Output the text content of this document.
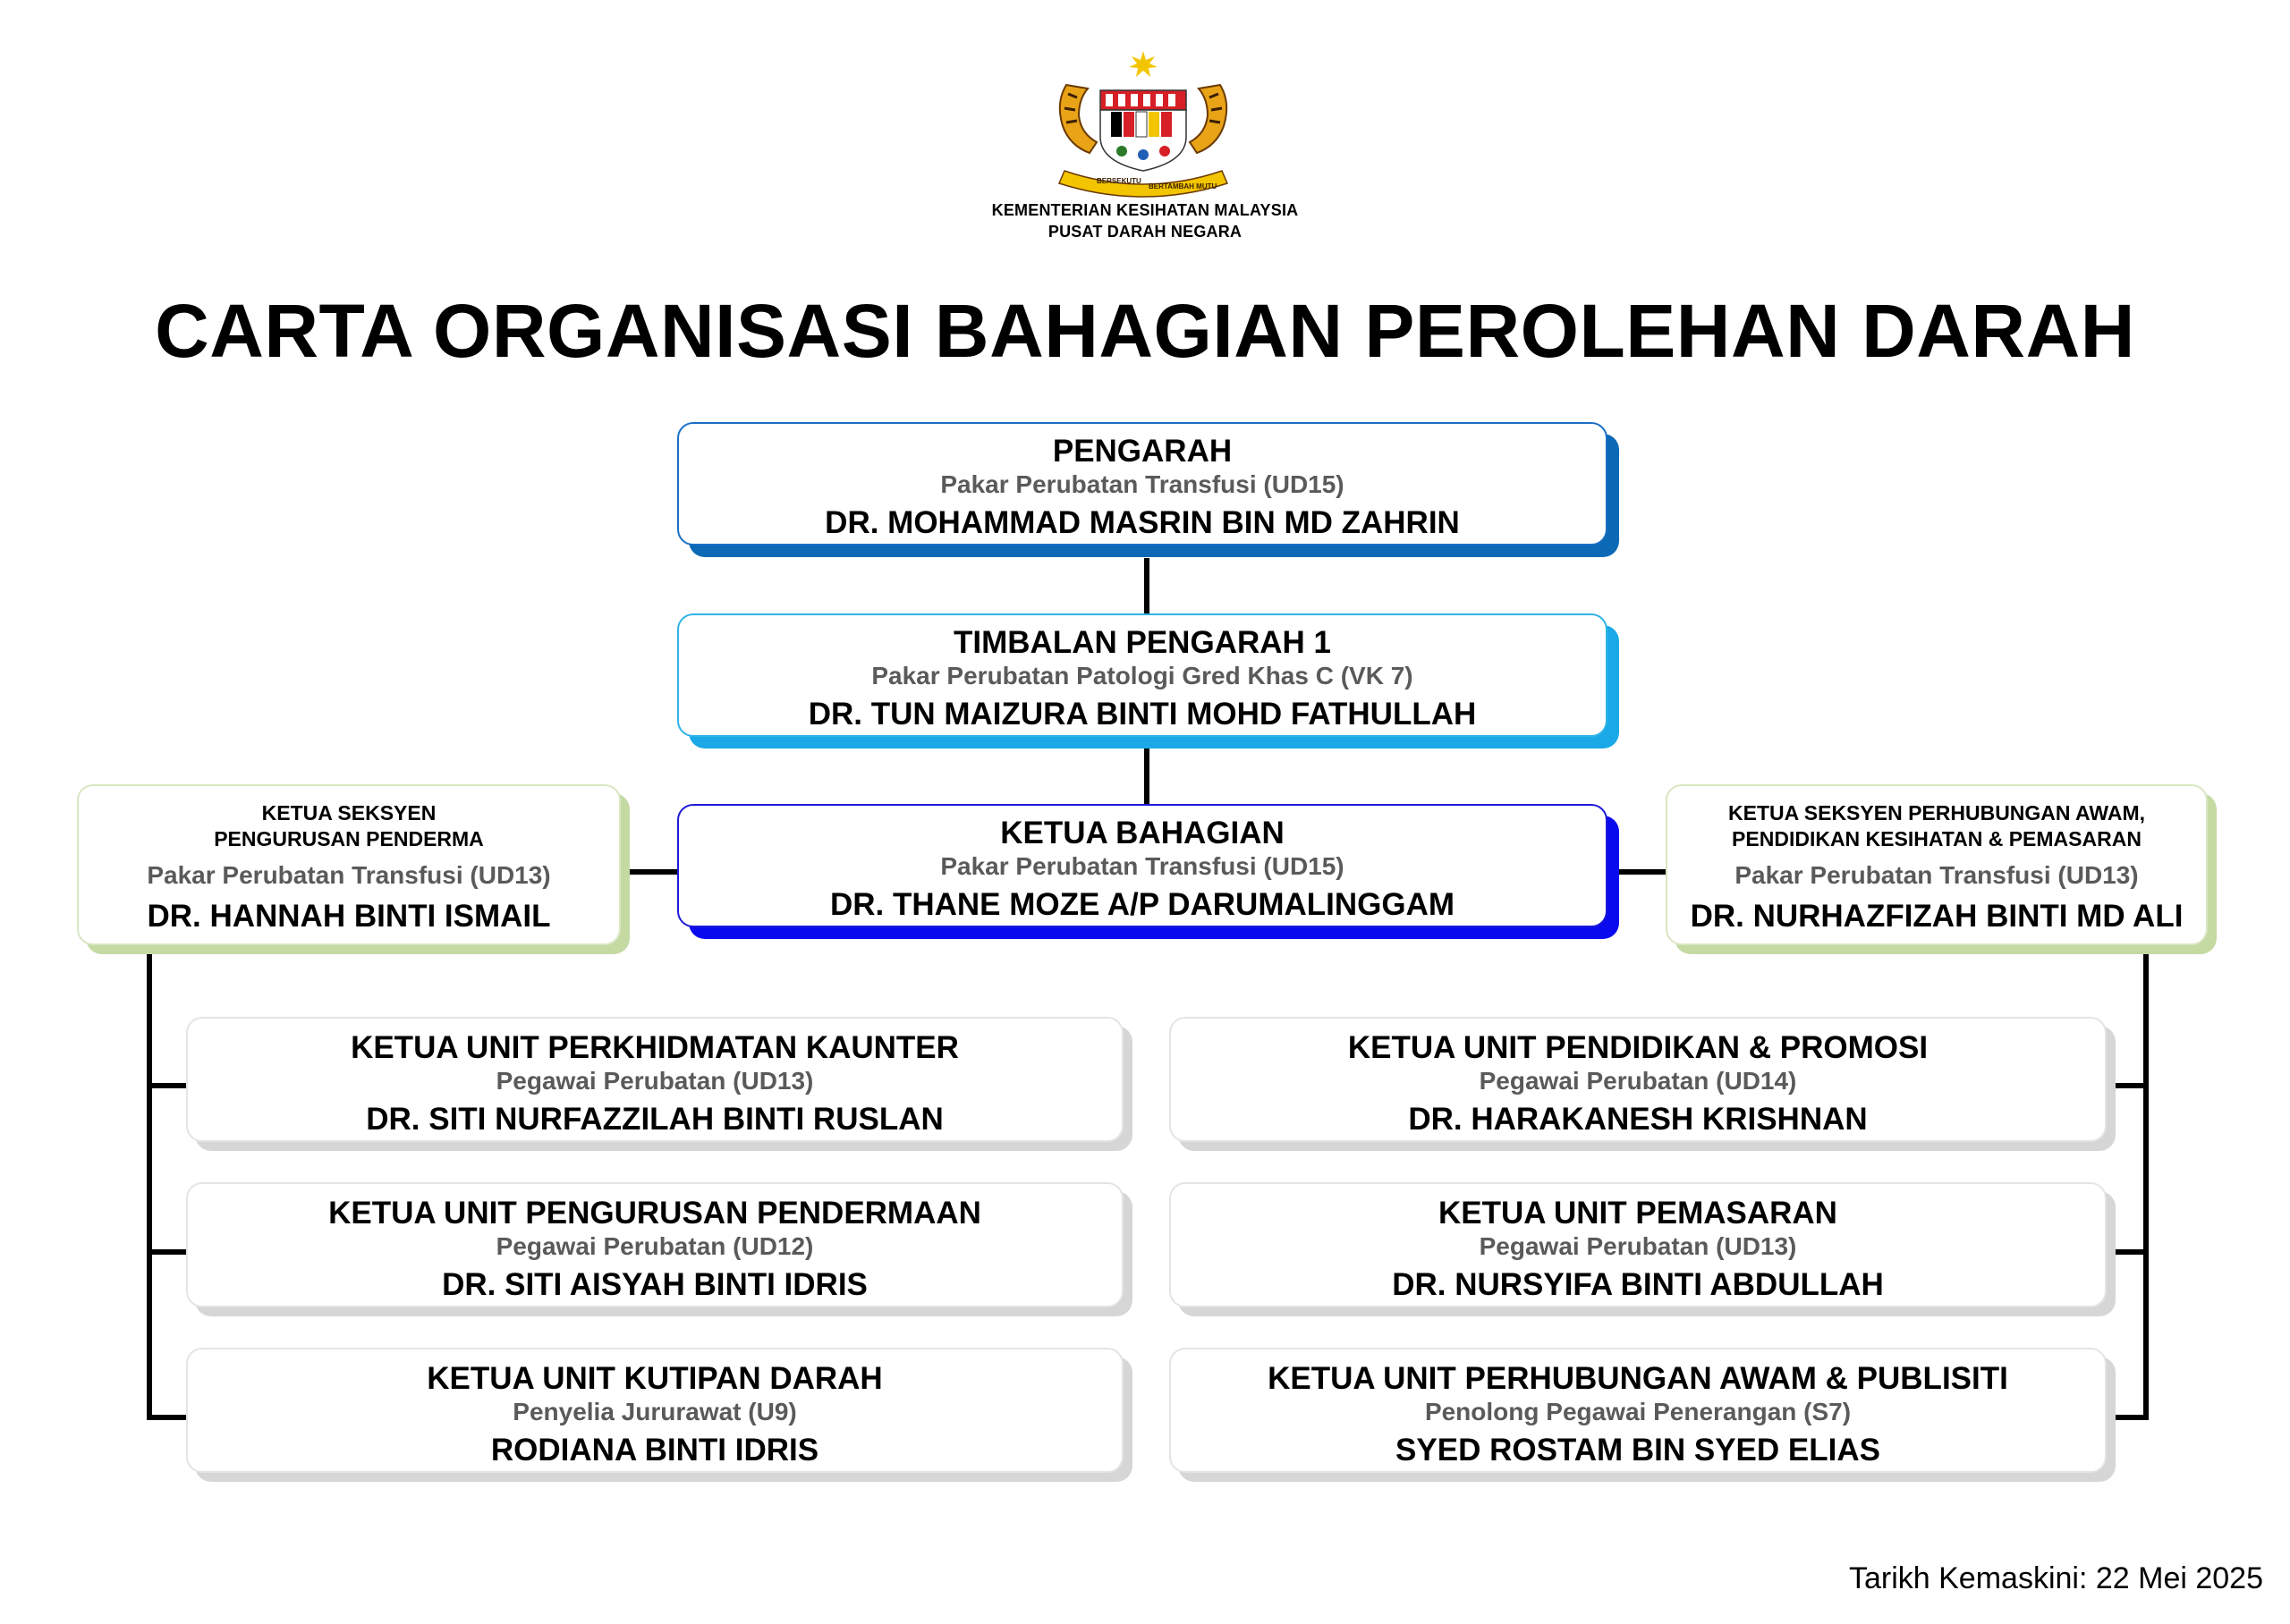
BERSEKUTU
BERTAMBAH MUTU
KEMENTERIAN KESIHATAN MALAYSIA
PUSAT DARAH NEGARA
CARTA ORGANISASI BAHAGIAN PEROLEHAN DARAH
PENGARAH
Pakar Perubatan Transfusi (UD15)
DR. MOHAMMAD MASRIN BIN MD ZAHRIN
TIMBALAN PENGARAH 1
Pakar Perubatan Patologi Gred Khas C (VK 7)
DR. TUN MAIZURA BINTI MOHD FATHULLAH
KETUA BAHAGIAN
Pakar Perubatan Transfusi (UD15)
DR. THANE MOZE A/P DARUMALINGGAM
KETUA SEKSYEN
PENGURUSAN PENDERMA
Pakar Perubatan Transfusi (UD13)
DR. HANNAH BINTI ISMAIL
KETUA SEKSYEN PERHUBUNGAN AWAM,
PENDIDIKAN KESIHATAN & PEMASARAN
Pakar Perubatan Transfusi (UD13)
DR. NURHAZFIZAH BINTI MD ALI
KETUA UNIT PERKHIDMATAN KAUNTER
Pegawai Perubatan (UD13)
DR. SITI NURFAZZILAH BINTI RUSLAN
KETUA UNIT PENGURUSAN PENDERMAAN
Pegawai Perubatan (UD12)
DR. SITI AISYAH BINTI IDRIS
KETUA UNIT KUTIPAN DARAH
Penyelia Jururawat (U9)
RODIANA BINTI IDRIS
KETUA UNIT PENDIDIKAN & PROMOSI
Pegawai Perubatan (UD14)
DR. HARAKANESH KRISHNAN
KETUA UNIT PEMASARAN
Pegawai Perubatan (UD13)
DR. NURSYIFA BINTI ABDULLAH
KETUA UNIT PERHUBUNGAN AWAM & PUBLISITI
Penolong Pegawai Penerangan (S7)
SYED ROSTAM BIN SYED ELIAS
Tarikh Kemaskini: 22 Mei 2025
